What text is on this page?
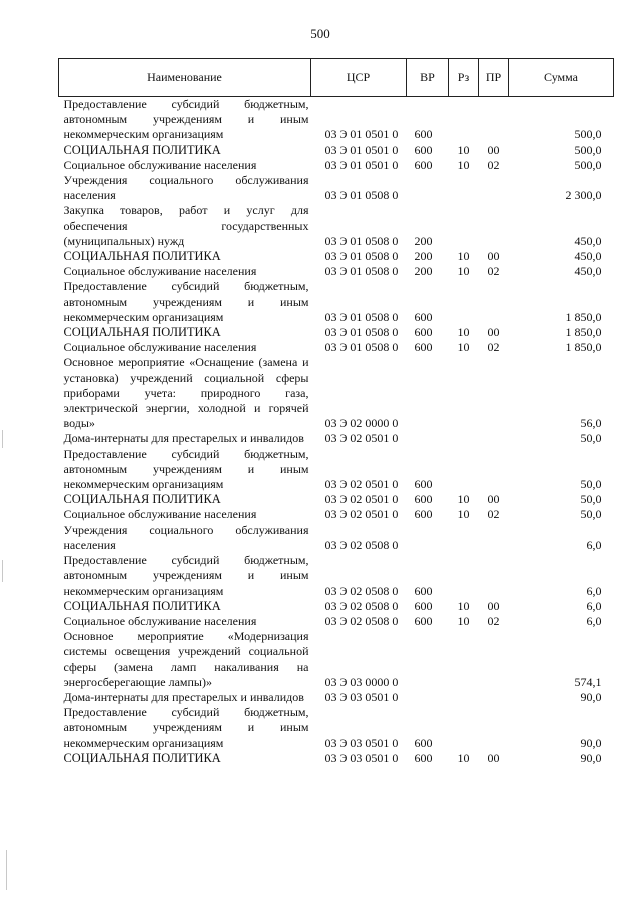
500
Наименование	ЦСР	ВР	Рз	ПР	Сумма
Предоставление субсидий бюджетным, автономным учреждениям и иным некоммерческим организациям	03 Э 01 0501 0	600			500,0
СОЦИАЛЬНАЯ ПОЛИТИКА	03 Э 01 0501 0	600	10	00	500,0
Социальное обслуживание населения	03 Э 01 0501 0	600	10	02	500,0
Учреждения социального обслуживания населения	03 Э 01 0508 0				2 300,0
Закупка товаров, работ и услуг для обеспечения государственных (муниципальных) нужд	03 Э 01 0508 0	200			450,0
СОЦИАЛЬНАЯ ПОЛИТИКА	03 Э 01 0508 0	200	10	00	450,0
Социальное обслуживание населения	03 Э 01 0508 0	200	10	02	450,0
Предоставление субсидий бюджетным, автономным учреждениям и иным некоммерческим организациям	03 Э 01 0508 0	600			1 850,0
СОЦИАЛЬНАЯ ПОЛИТИКА	03 Э 01 0508 0	600	10	00	1 850,0
Социальное обслуживание населения	03 Э 01 0508 0	600	10	02	1 850,0
Основное мероприятие «Оснащение (замена и установка) учреждений социальной сферы приборами учета: природного газа, электрической энергии, холодной и горячей воды»	03 Э 02 0000 0				56,0
Дома-интернаты для престарелых и инвалидов	03 Э 02 0501 0				50,0
Предоставление субсидий бюджетным, автономным учреждениям и иным некоммерческим организациям	03 Э 02 0501 0	600			50,0
СОЦИАЛЬНАЯ ПОЛИТИКА	03 Э 02 0501 0	600	10	00	50,0
Социальное обслуживание населения	03 Э 02 0501 0	600	10	02	50,0
Учреждения социального обслуживания населения	03 Э 02 0508 0				6,0
Предоставление субсидий бюджетным, автономным учреждениям и иным некоммерческим организациям	03 Э 02 0508 0	600			6,0
СОЦИАЛЬНАЯ ПОЛИТИКА	03 Э 02 0508 0	600	10	00	6,0
Социальное обслуживание населения	03 Э 02 0508 0	600	10	02	6,0
Основное мероприятие «Модернизация системы освещения учреждений социальной сферы (замена ламп накаливания на энергосберегающие лампы)»	03 Э 03 0000 0				574,1
Дома-интернаты для престарелых и инвалидов	03 Э 03 0501 0				90,0
Предоставление субсидий бюджетным, автономным учреждениям и иным некоммерческим организациям	03 Э 03 0501 0	600			90,0
СОЦИАЛЬНАЯ ПОЛИТИКА	03 Э 03 0501 0	600	10	00	90,0
